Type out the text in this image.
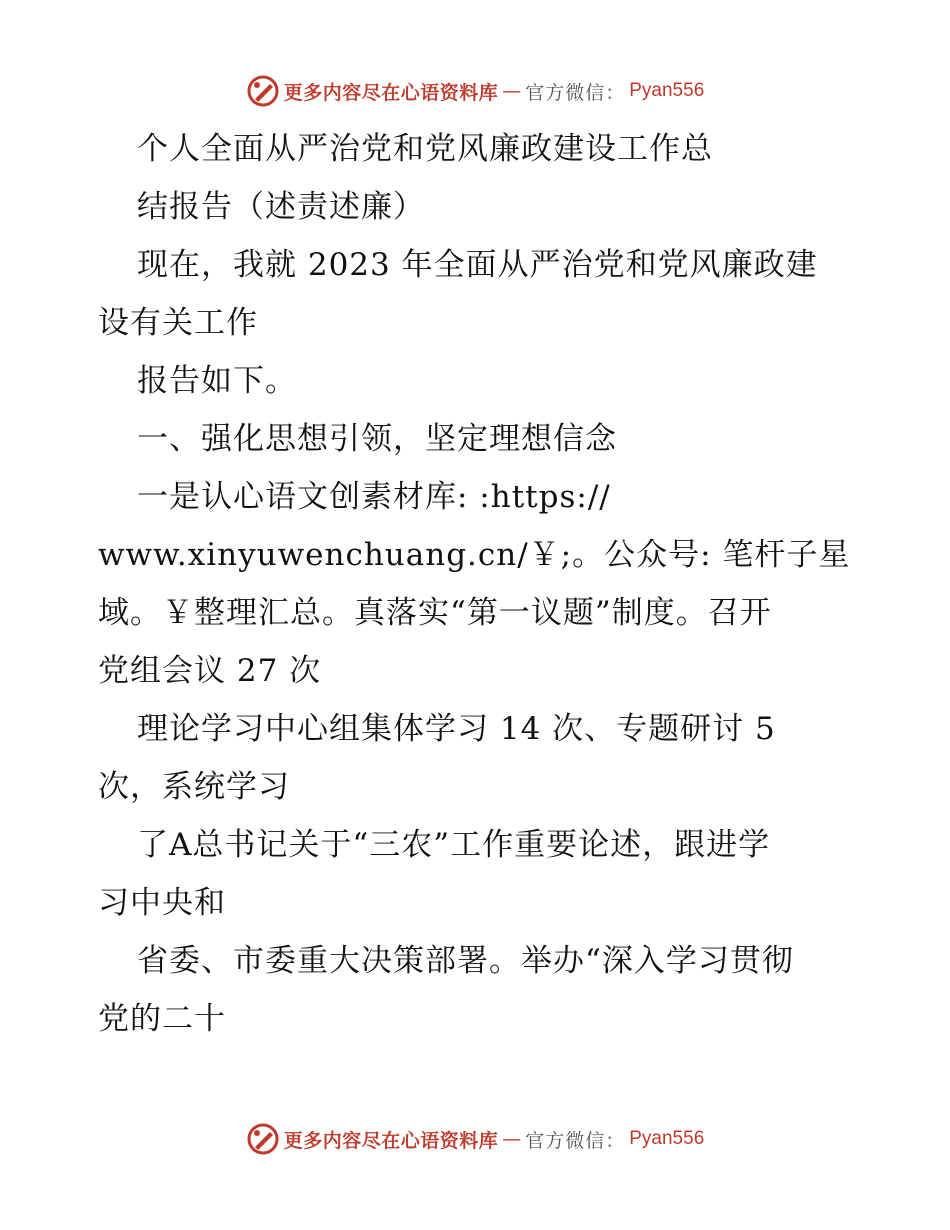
更多内容尽在心语资料库 — 官方微信： Pyan556
个人全面从严治党和党风廉政建设工作总
结报告（述责述廉）
现在，我就 2023 年全面从严治党和党风廉政建
设有关工作
报告如下。
一、强化思想引领，坚定理想信念
一是认心语文创素材库: :https://
www.xinyuwenchuang.cn/￥;。公众号: 笔杆子星
域。￥整理汇总。真落实“第一议题”制度。召开
党组会议 27 次
理论学习中心组集体学习 14 次、专题研讨 5
次，系统学习
了A总书记关于“三农”工作重要论述，跟进学
习中央和
省委、市委重大决策部署。举办“深入学习贯彻
党的二十
更多内容尽在心语资料库 — 官方微信： Pyan556
